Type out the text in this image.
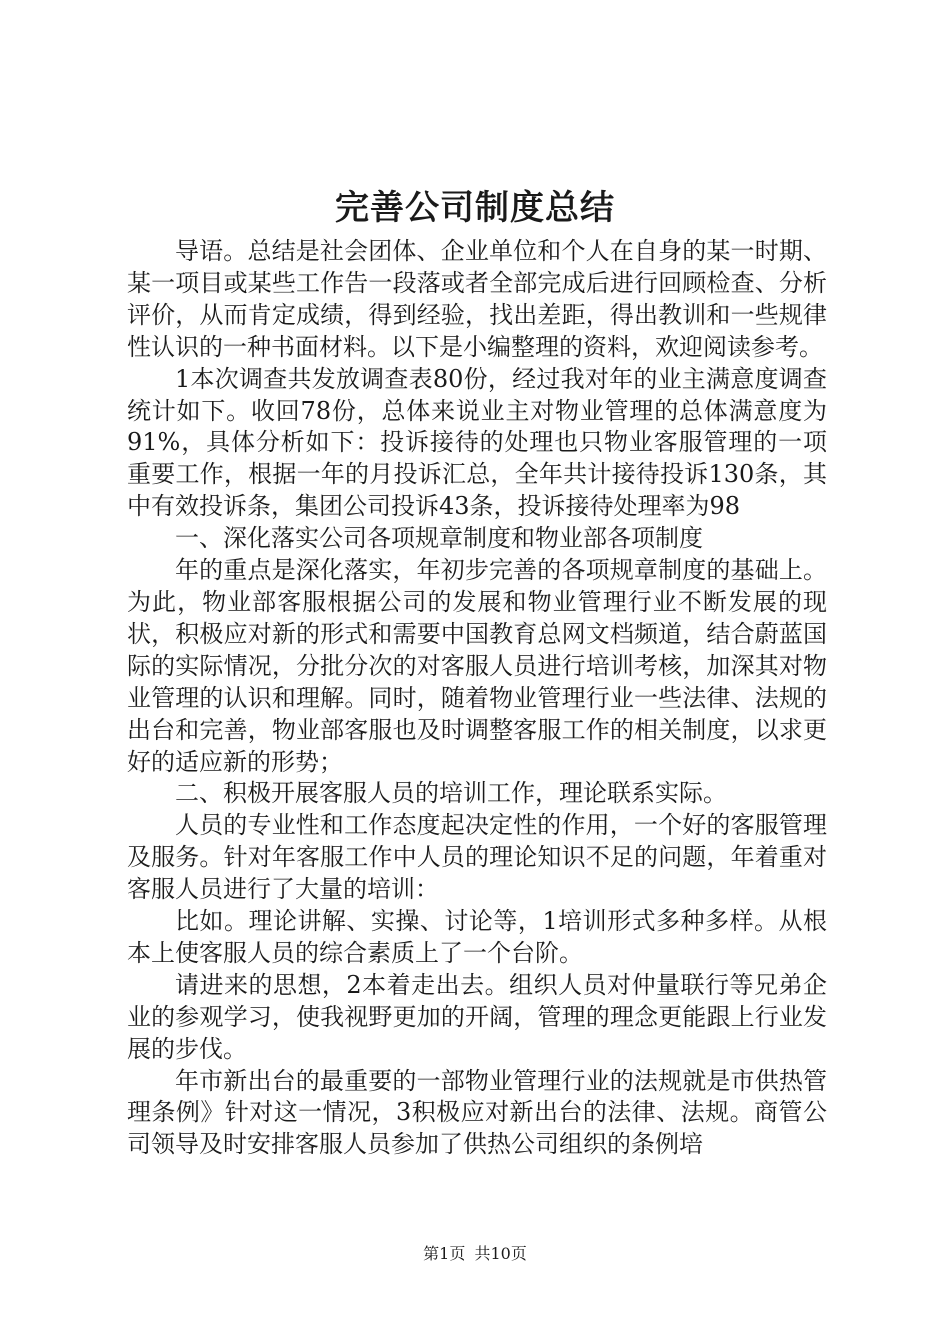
完善公司制度总结

导语。总结是社会团体、企业单位和个人在自身的某一时期、某一项目或某些工作告一段落或者全部完成后进行回顾检查、分析评价，从而肯定成绩，得到经验，找出差距，得出教训和一些规律性认识的一种书面材料。以下是小编整理的资料，欢迎阅读参考。

1本次调查共发放调查表80份，经过我对年的业主满意度调查统计如下。收回78份，总体来说业主对物业管理的总体满意度为91%，具体分析如下：投诉接待的处理也只物业客服管理的一项重要工作，根据一年的月投诉汇总，全年共计接待投诉130条，其中有效投诉条，集团公司投诉43条，投诉接待处理率为98

一、深化落实公司各项规章制度和物业部各项制度

年的重点是深化落实，年初步完善的各项规章制度的基础上。为此，物业部客服根据公司的发展和物业管理行业不断发展的现状，积极应对新的形式和需要中国教育总网文档频道，结合蔚蓝国际的实际情况，分批分次的对客服人员进行培训考核，加深其对物业管理的认识和理解。同时，随着物业管理行业一些法律、法规的出台和完善，物业部客服也及时调整客服工作的相关制度，以求更好的适应新的形势；

二、积极开展客服人员的培训工作，理论联系实际。

人员的专业性和工作态度起决定性的作用，一个好的客服管理及服务。针对年客服工作中人员的理论知识不足的问题，年着重对客服人员进行了大量的培训：

比如。理论讲解、实操、讨论等，1培训形式多种多样。从根本上使客服人员的综合素质上了一个台阶。

请进来的思想，2本着走出去。组织人员对仲量联行等兄弟企业的参观学习，使我视野更加的开阔，管理的理念更能跟上行业发展的步伐。

年市新出台的最重要的一部物业管理行业的法规就是市供热管理条例》针对这一情况，3积极应对新出台的法律、法规。商管公司领导及时安排客服人员参加了供热公司组织的条例培

第1页 共10页
